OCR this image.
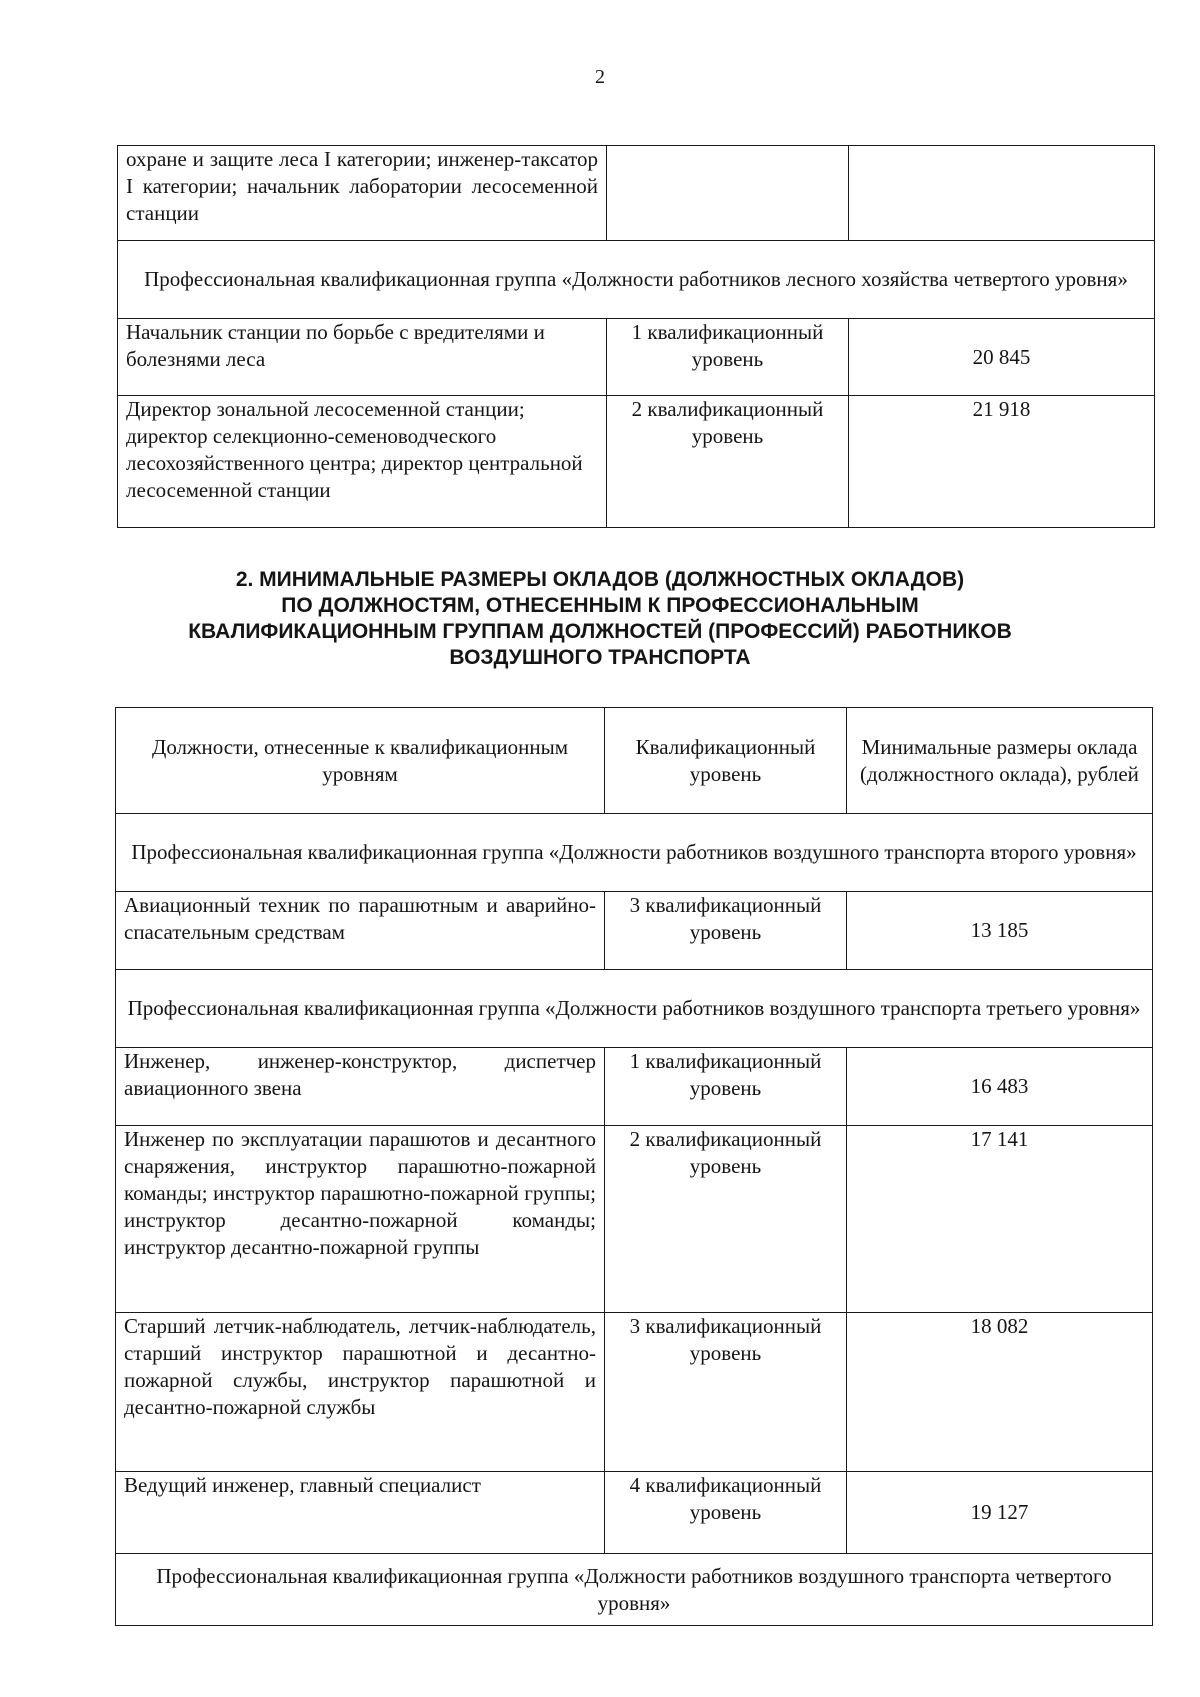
2
охране и защите леса I категории; инженер-таксатор I категории; начальник лаборатории лесосеменной станции		
Профессиональная квалификационная группа «Должности работников лесного хозяйства четвертого уровня»		
Начальник станции по борьбе с вредителями и болезнями леса	1 квалификационный уровень	20 845
Директор зональной лесосеменной станции; директор селекционно-семеноводческого лесохозяйственного центра; директор центральной лесосеменной станции	2 квалификационный уровень	21 918
2. МИНИМАЛЬНЫЕ РАЗМЕРЫ ОКЛАДОВ (ДОЛЖНОСТНЫХ ОКЛАДОВ)
ПО ДОЛЖНОСТЯМ, ОТНЕСЕННЫМ К ПРОФЕССИОНАЛЬНЫМ
КВАЛИФИКАЦИОННЫМ ГРУППАМ ДОЛЖНОСТЕЙ (ПРОФЕССИЙ) РАБОТНИКОВ
ВОЗДУШНОГО ТРАНСПОРТА
Должности, отнесенные к квалификационным уровням	Квалификационный уровень	Минимальные размеры оклада (должностного оклада), рублей
Профессиональная квалификационная группа «Должности работников воздушного транспорта второго уровня»		
Авиационный техник по парашютным и аварийно-спасательным средствам	3 квалификационный уровень	13 185
Профессиональная квалификационная группа «Должности работников воздушного транспорта третьего уровня»		
Инженер, инженер-конструктор, диспетчер авиационного звена	1 квалификационный уровень	16 483
Инженер по эксплуатации парашютов и десантного снаряжения, инструктор парашютно-пожарной команды; инструктор парашютно-пожарной группы; инструктор десантно-пожарной команды; инструктор десантно-пожарной группы	2 квалификационный уровень	17 141
Старший летчик-наблюдатель, летчик-наблюдатель, старший инструктор парашютной и десантно-пожарной службы, инструктор парашютной и десантно-пожарной службы	3 квалификационный уровень	18 082
Ведущий инженер, главный специалист	4 квалификационный уровень	19 127
Профессиональная квалификационная группа «Должности работников воздушного транспорта четвертого уровня»		
